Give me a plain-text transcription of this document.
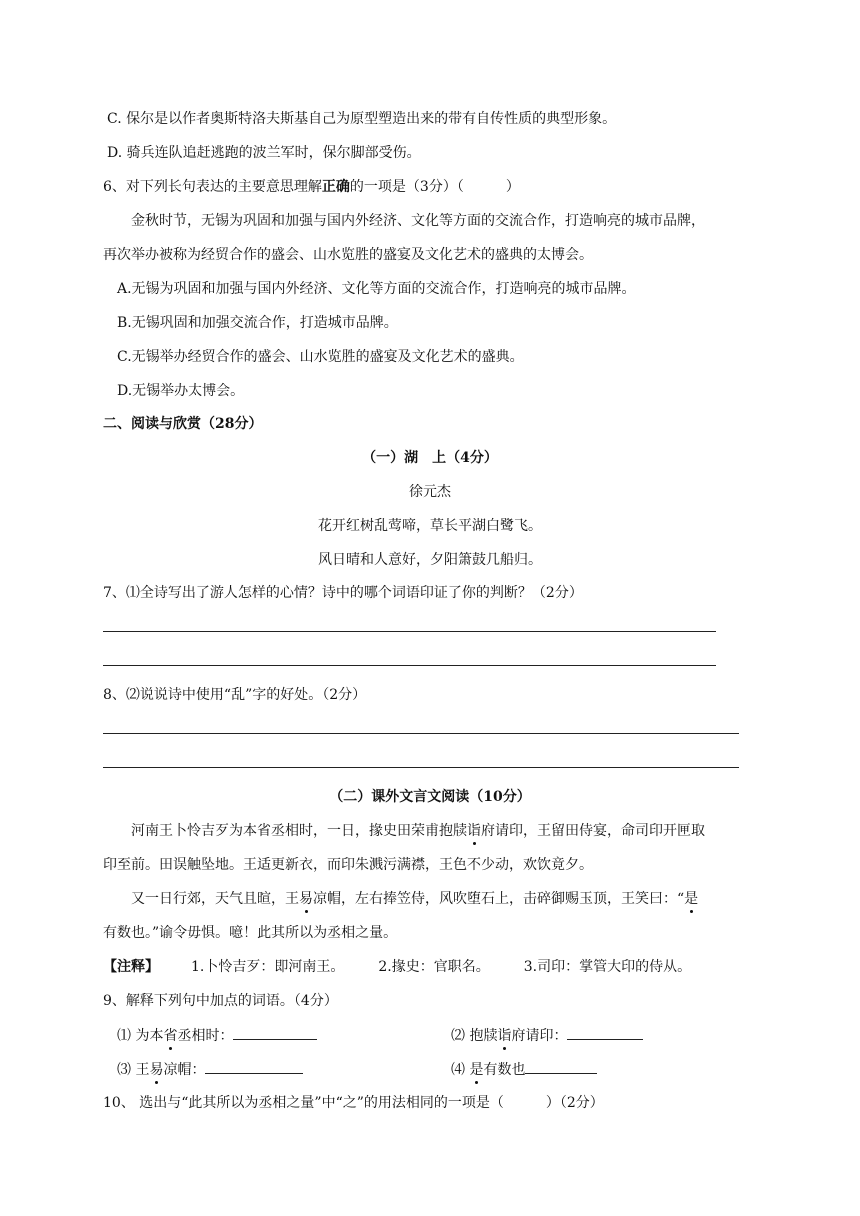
C. 保尔是以作者奥斯特洛夫斯基自己为原型塑造出来的带有自传性质的典型形象。
D. 骑兵连队追赶逃跑的波兰军时，保尔脚部受伤。
6、对下列长句表达的主要意思理解正确的一项是（3分）（　　　）
金秋时节，无锡为巩固和加强与国内外经济、文化等方面的交流合作，打造响亮的城市品牌，
再次举办被称为经贸合作的盛会、山水览胜的盛宴及文化艺术的盛典的太博会。
A.无锡为巩固和加强与国内外经济、文化等方面的交流合作，打造响亮的城市品牌。
B.无锡巩固和加强交流合作，打造城市品牌。
C.无锡举办经贸合作的盛会、山水览胜的盛宴及文化艺术的盛典。
D.无锡举办太博会。
二、阅读与欣赏（28分）
（一）湖　上（4分）
徐元杰
花开红树乱莺啼，草长平湖白鹭飞。
风日晴和人意好，夕阳箫鼓几船归。
7、⑴全诗写出了游人怎样的心情？诗中的哪个词语印证了你的判断？（2分）
8、⑵说说诗中使用“乱”字的好处。（2分）
（二）课外文言文阅读（10分）
河南王卜怜吉歹为本省丞相时，一日，掾史田荣甫抱牍诣府请印，王留田侍宴，命司印开匣取
印至前。田误触坠地。王适更新衣，而印朱溅污满襟，王色不少动，欢饮竟夕。
又一日行郊，天气且暄，王易凉帽，左右捧笠侍，风吹堕石上，击碎御赐玉顶，王笑曰：“是
有数也。”谕令毋惧。噫！此其所以为丞相之量。
【注释】 1.卜怜吉歹：即河南王。 2.掾史：官职名。 3.司印：掌管大印的侍从。
9、解释下列句中加点的词语。（4分）
⑴ 为本省丞相时：	⑵ 抱牍诣府请印：
⑶ 王易凉帽：	⑷ 是有数也
10、 选出与“此其所以为丞相之量”中“之”的用法相同的一项是（　　　）（2分）
